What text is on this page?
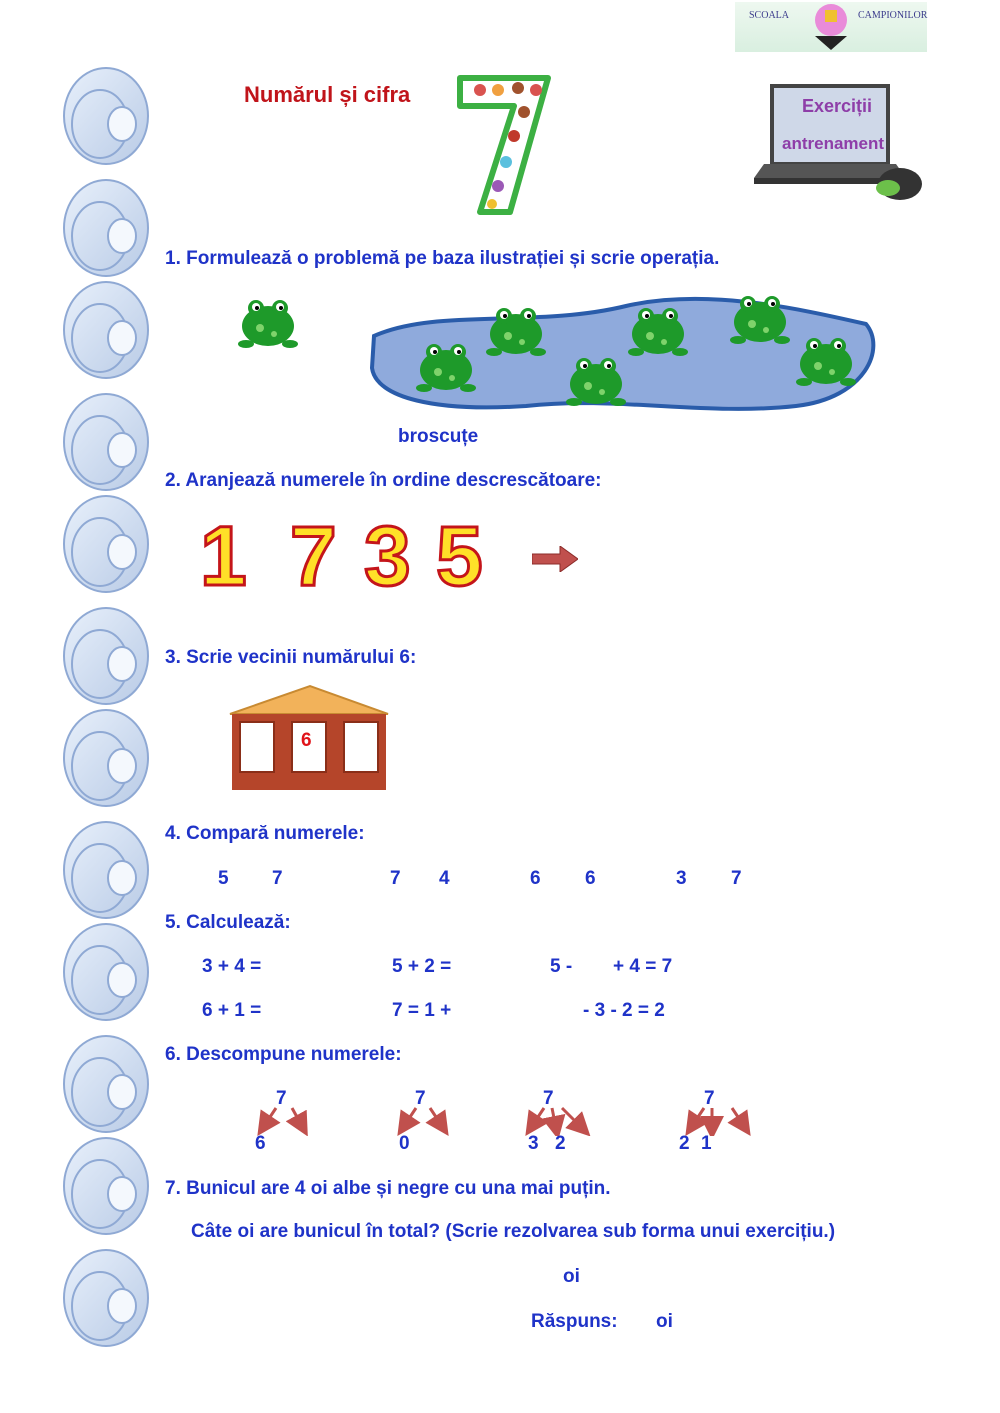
SCOALA	CAMPIONILOR
Numărul și cifra	Exerciții
antrenament
1. Formulează o problemă pe baza ilustrației și scrie operația.
broscuțe
2. Aranjează numerele în ordine descrescătoare:
1 7 3 5
3. Scrie vecinii numărului 6:
6
4. Compară numerele:
5 7	7 4	6 6	3 7
5. Calculează:
3 + 4 =	5 + 2 =	5 - + 4 = 7
6 + 1 =	7 = 1 +	- 3 - 2 = 2
6. Descompune numerele:
7	7	7	7
6	0	3 2	2 1
7. Bunicul are 4 oi albe și negre cu una mai puțin.
Câte oi are bunicul în total? (Scrie rezolvarea sub forma unui exercițiu.)
oi
Răspuns: oi
